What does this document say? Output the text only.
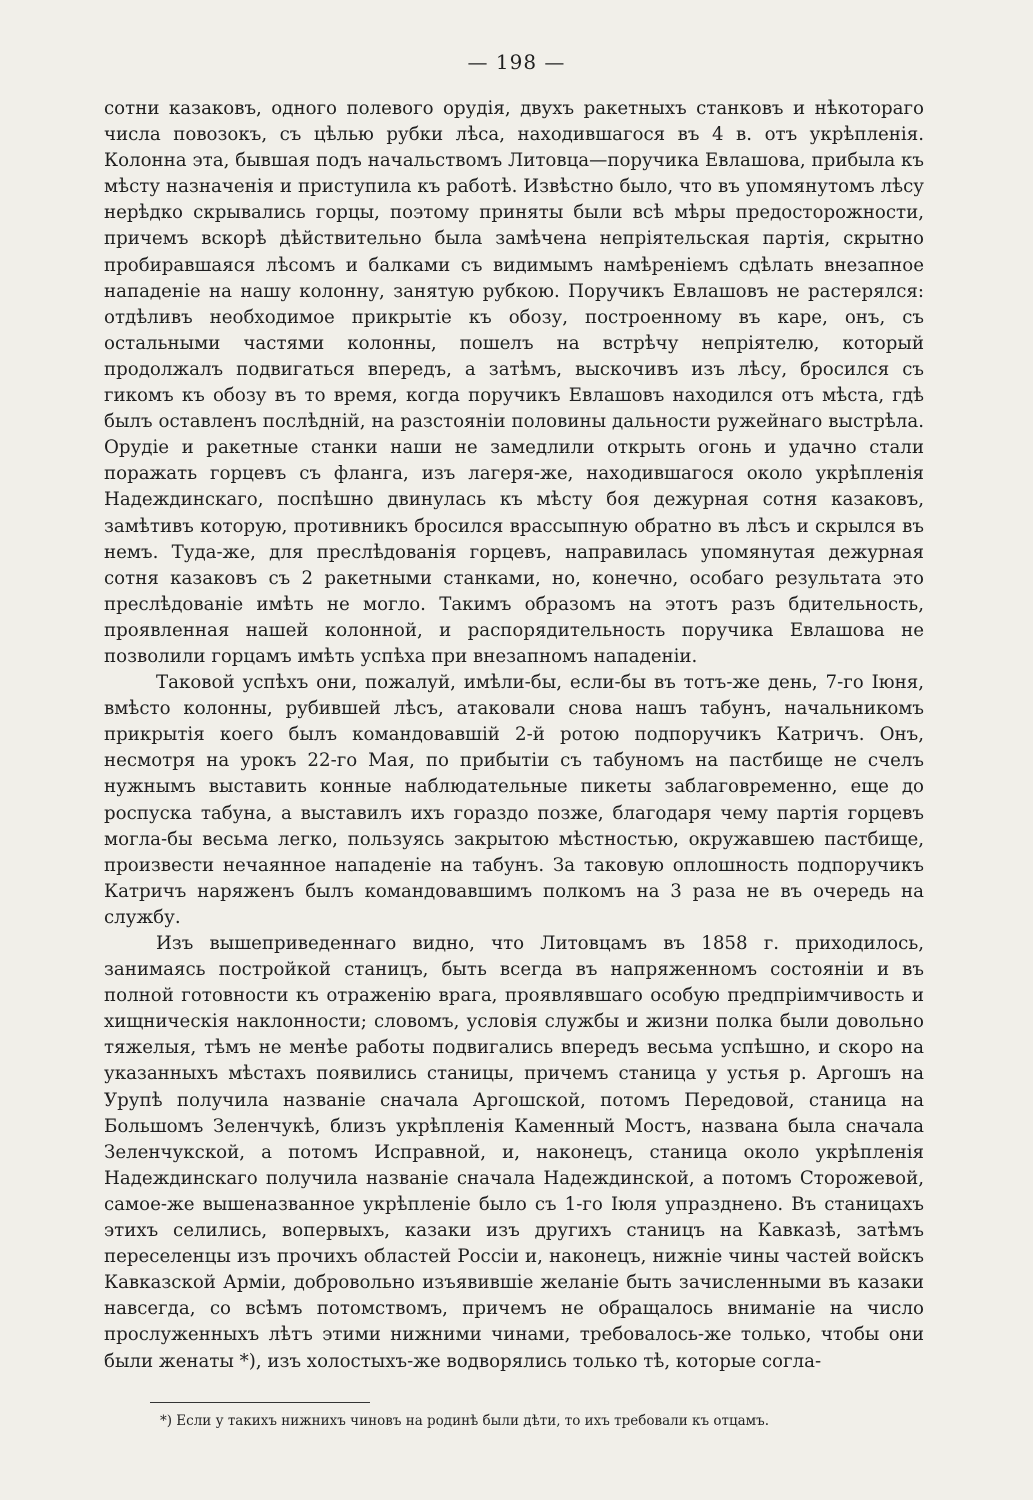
— 198 —

сотни казаковъ, одного полевого орудія, двухъ ракетныхъ станковъ и нѣкотораго числа повозокъ, съ цѣлью рубки лѣса, находившагося въ 4 в. отъ укрѣпленія. Колонна эта, бывшая подъ начальствомъ Литовца—поручика Евлашова, прибыла къ мѣсту назначенія и приступила къ работѣ. Извѣстно было, что въ упомянутомъ лѣсу нерѣдко скрывались горцы, поэтому приняты были всѣ мѣры предосторожности, причемъ вскорѣ дѣйствительно была замѣчена непріятельская партія, скрытно пробиравшаяся лѣсомъ и балками съ видимымъ намѣреніемъ сдѣлать внезапное нападеніе на нашу колонну, занятую рубкою. Поручикъ Евлашовъ не растерялся: отдѣливъ необходимое прикрытіе къ обозу, построенному въ каре, онъ, съ остальными частями колонны, пошелъ на встрѣчу непріятелю, который продолжалъ подвигаться впередъ, а затѣмъ, выскочивъ изъ лѣсу, бросился съ гикомъ къ обозу въ то время, когда поручикъ Евлашовъ находился отъ мѣста, гдѣ былъ оставленъ послѣдній, на разстояніи половины дальности ружейнаго выстрѣла. Орудіе и ракетные станки наши не замедлили открыть огонь и удачно стали поражать горцевъ съ фланга, изъ лагеря-же, находившагося около укрѣпленія Надеждинскаго, поспѣшно двинулась къ мѣсту боя дежурная сотня казаковъ, замѣтивъ которую, противникъ бросился врассыпную обратно въ лѣсъ и скрылся въ немъ. Туда-же, для преслѣдованія горцевъ, направилась упомянутая дежурная сотня казаковъ съ 2 ракетными станками, но, конечно, особаго результата это преслѣдованіе имѣть не могло. Такимъ образомъ на этотъ разъ бдительность, проявленная нашей колонной, и распорядительность поручика Евлашова не позволили горцамъ имѣть успѣха при внезапномъ нападеніи.

Таковой успѣхъ они, пожалуй, имѣли-бы, если-бы въ тотъ-же день, 7-го Іюня, вмѣсто колонны, рубившей лѣсъ, атаковали снова нашъ табунъ, начальникомъ прикрытія коего былъ командовавшій 2-й ротою подпоручикъ Катричъ. Онъ, несмотря на урокъ 22-го Мая, по прибытіи съ табуномъ на пастбище не счелъ нужнымъ выставить конные наблюдательные пикеты заблаговременно, еще до роспуска табуна, а выставилъ ихъ гораздо позже, благодаря чему партія горцевъ могла-бы весьма легко, пользуясь закрытою мѣстностью, окружавшею пастбище, произвести нечаянное нападеніе на табунъ. За таковую оплошность подпоручикъ Катричъ наряженъ былъ командовавшимъ полкомъ на 3 раза не въ очередь на службу.

Изъ вышеприведеннаго видно, что Литовцамъ въ 1858 г. приходилось, занимаясь постройкой станицъ, быть всегда въ напряженномъ состояніи и въ полной готовности къ отраженію врага, проявлявшаго особую предпріимчивость и хищническія наклонности; словомъ, условія службы и жизни полка были довольно тяжелыя, тѣмъ не менѣе работы подвигались впередъ весьма успѣшно, и скоро на указанныхъ мѣстахъ появились станицы, причемъ станица у устья р. Аргошъ на Урупѣ получила названіе сначала Аргошской, потомъ Передовой, станица на Большомъ Зеленчукѣ, близъ укрѣпленія Каменный Мостъ, названа была сначала Зеленчукской, а потомъ Исправной, и, наконецъ, станица около укрѣпленія Надеждинскаго получила названіе сначала Надеждинской, а потомъ Сторожевой, самое-же вышеназванное укрѣпленіе было съ 1-го Іюля упразднено. Въ станицахъ этихъ селились, вопервыхъ, казаки изъ другихъ станицъ на Кавказѣ, затѣмъ переселенцы изъ прочихъ областей Россіи и, наконецъ, нижніе чины частей войскъ Кавказской Арміи, добровольно изъявившіе желаніе быть зачисленными въ казаки навсегда, со всѣмъ потомствомъ, причемъ не обращалось вниманіе на число прослуженныхъ лѣтъ этими нижними чинами, требовалось-же только, чтобы они были женаты *), изъ холостыхъ-же водворялись только тѣ, которые согла-

*) Если у такихъ нижнихъ чиновъ на родинѣ были дѣти, то ихъ требовали къ отцамъ.
